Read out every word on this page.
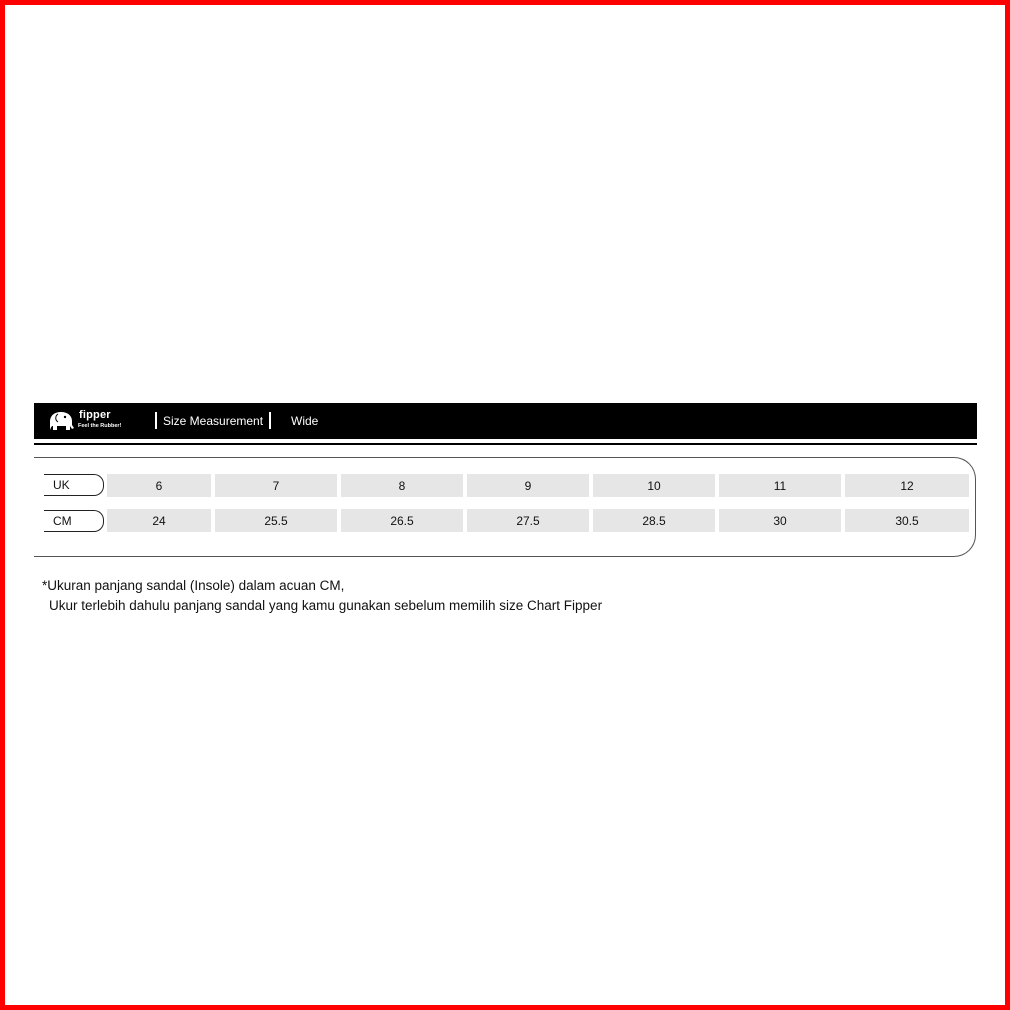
fipper
Feel the Rubber!	Size Measurement Wide
UK	6	7	8	9	10	11	12
CM	24	25.5	26.5	27.5	28.5	30	30.5
*Ukuran panjang sandal (Insole) dalam acuan CM,
Ukur terlebih dahulu panjang sandal yang kamu gunakan sebelum memilih size Chart Fipper
